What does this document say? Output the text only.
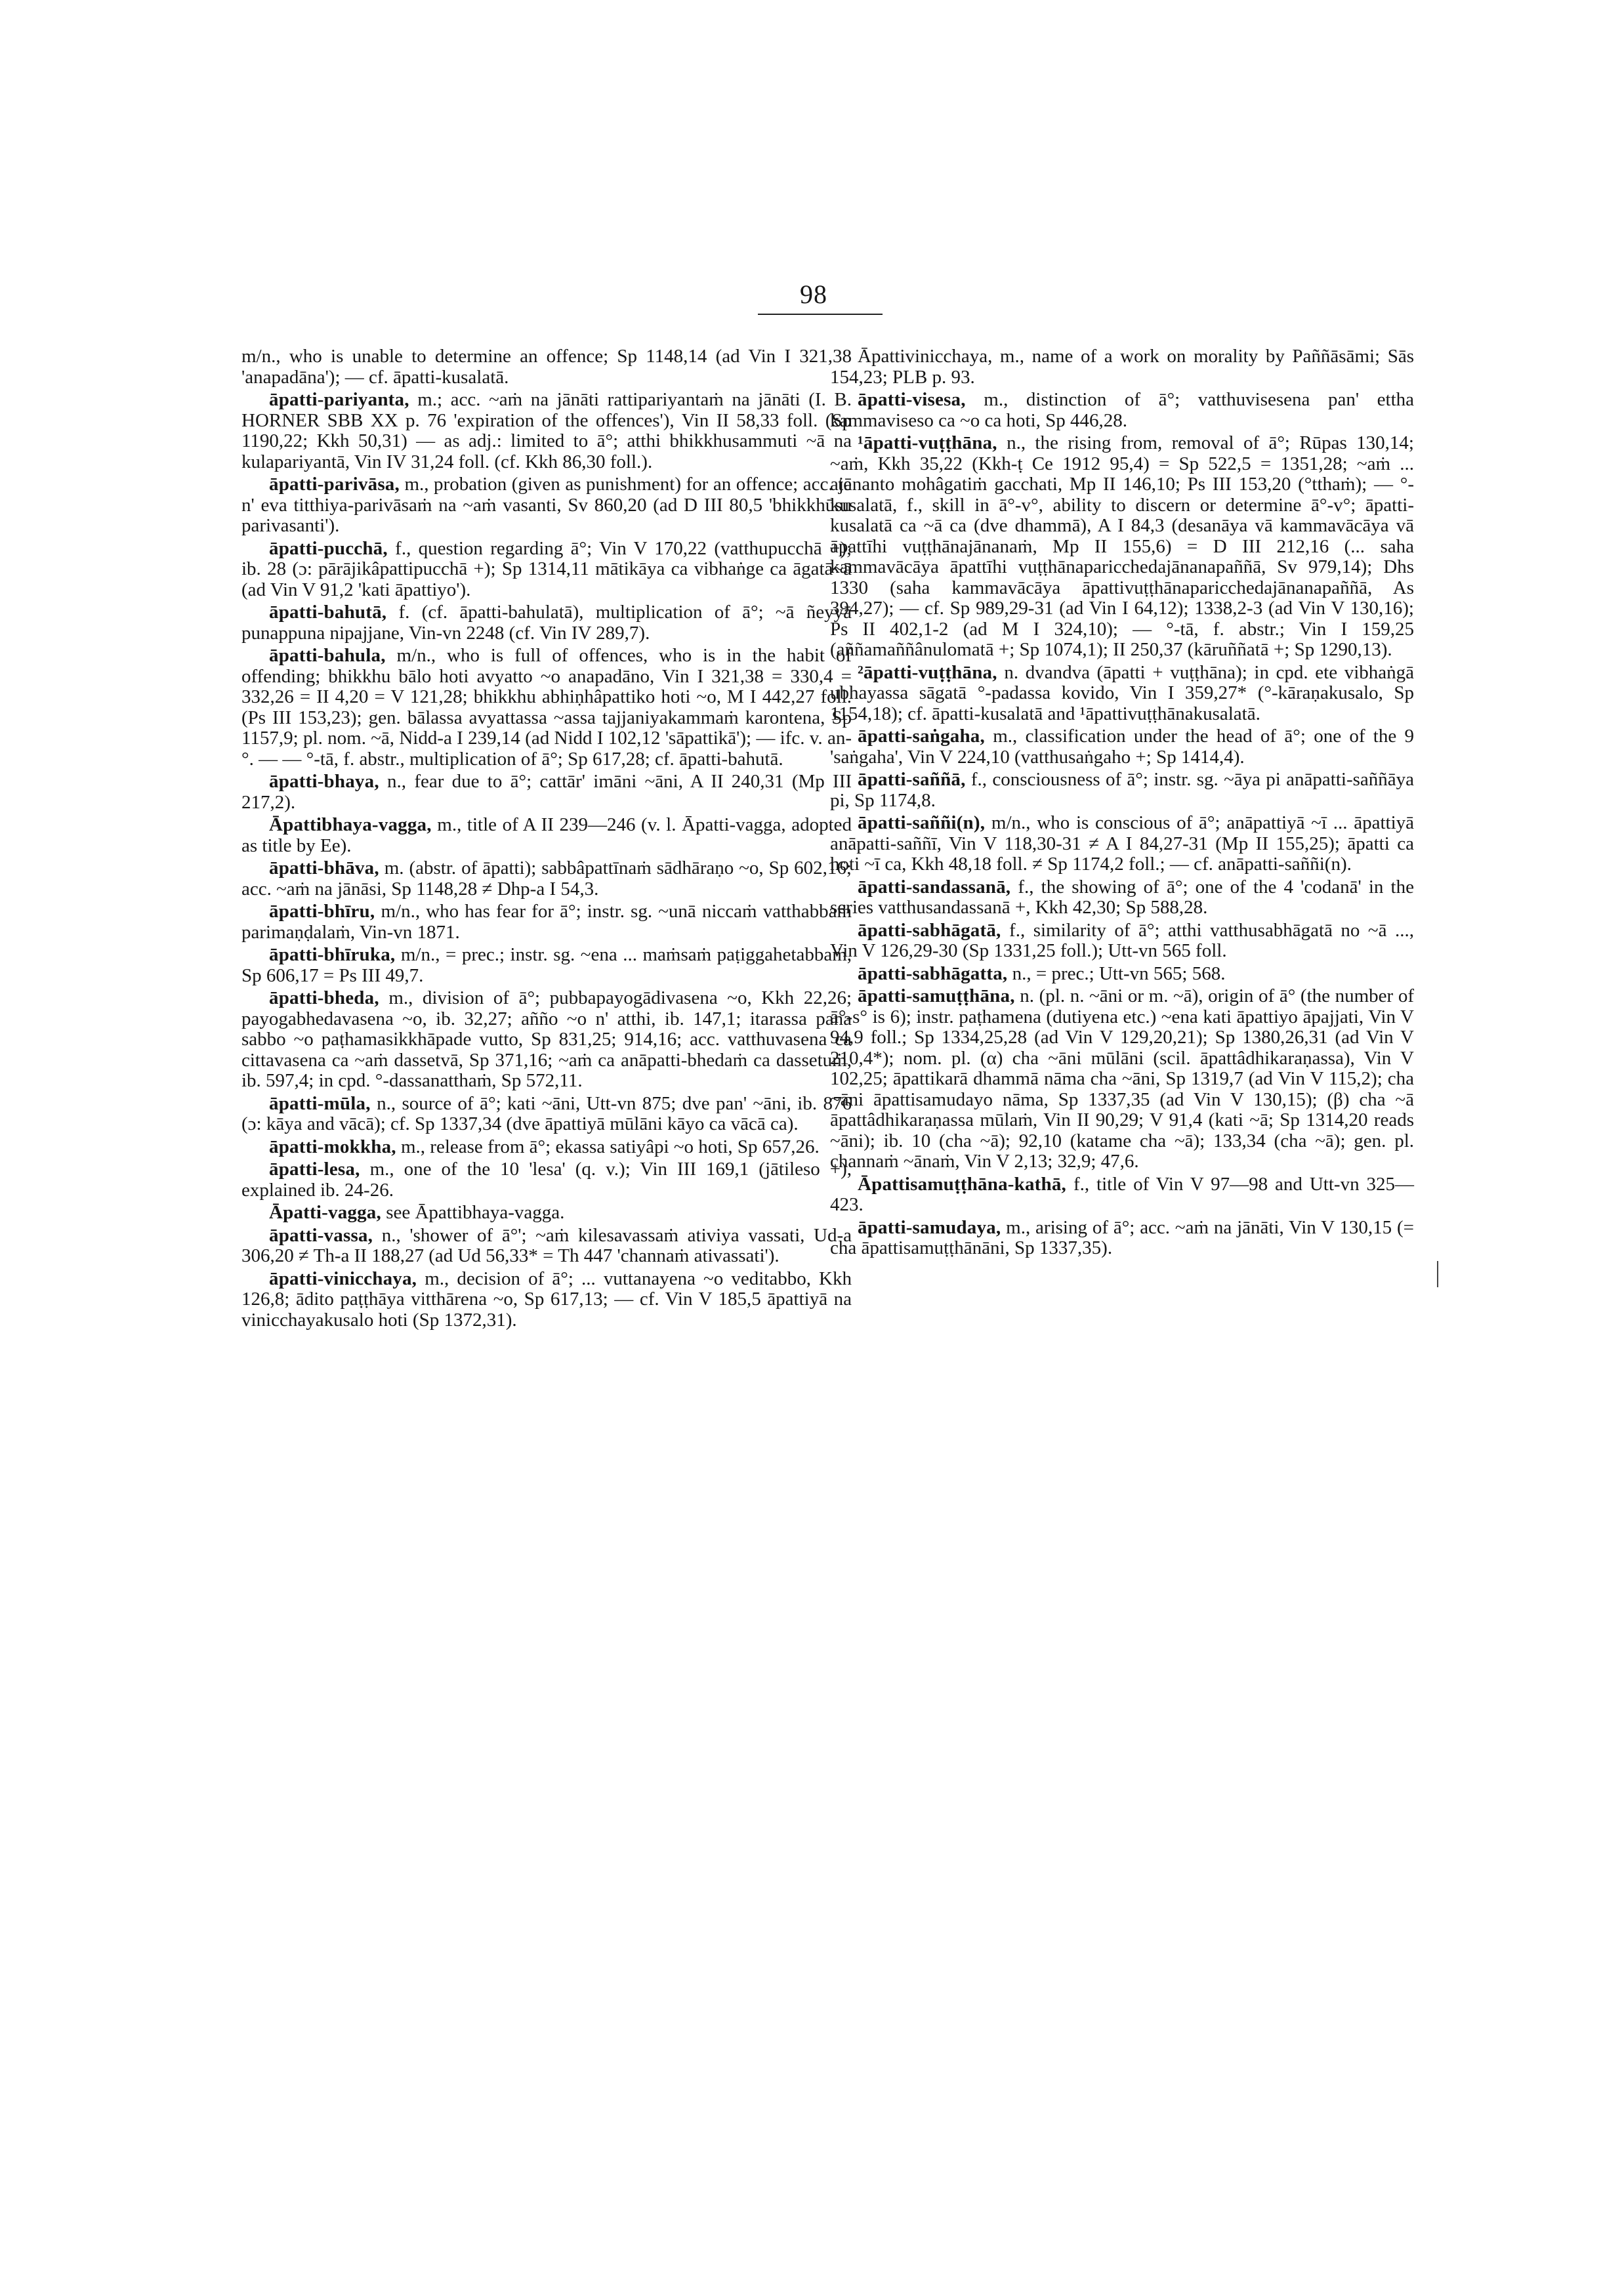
98
m/n., who is unable to determine an offence; Sp 1148,14 (ad Vin I 321,38 'anapadāna'); — cf. āpatti-kusalatā.
āpatti-pariyanta, m.; acc. ~aṁ na jānāti rattipariyantaṁ na jānāti (I. B. HORNER SBB XX p. 76 'expiration of the offences'), Vin II 58,33 foll. (Sp 1190,22; Kkh 50,31) — as adj.: limited to ā°; atthi bhikkhusammuti ~ā na kulapariyantā, Vin IV 31,24 foll. (cf. Kkh 86,30 foll.).
āpatti-parivāsa, m., probation (given as punishment) for an offence; acc. te n' eva titthiya-parivāsaṁ na ~aṁ vasanti, Sv 860,20 (ad D III 80,5 'bhikkhūsu parivasanti').
āpatti-pucchā, f., question regarding ā°; Vin V 170,22 (vatthupucchā +); ib. 28 (ɔ: pārājikâpattipucchā +); Sp 1314,11 mātikāya ca vibhaṅge ca āgatā~ā (ad Vin V 91,2 'kati āpattiyo').
āpatti-bahutā, f. (cf. āpatti-bahulatā), multiplication of ā°; ~ā ñeyyā punappuna nipajjane, Vin-vn 2248 (cf. Vin IV 289,7).
āpatti-bahula, m/n., who is full of offences, who is in the habit of offending; bhikkhu bālo hoti avyatto ~o anapadāno, Vin I 321,38 = 330,4 = 332,26 = II 4,20 = V 121,28; bhikkhu abhiṇhâpattiko hoti ~o, M I 442,27 foll. (Ps III 153,23); gen. bālassa avyattassa ~assa tajjaniyakammaṁ karontena, Sp 1157,9; pl. nom. ~ā, Nidd-a I 239,14 (ad Nidd I 102,12 'sāpattikā'); — ifc. v. an-°. — — °-tā, f. abstr., multiplication of ā°; Sp 617,28; cf. āpatti-bahutā.
āpatti-bhaya, n., fear due to ā°; cattār' imāni ~āni, A II 240,31 (Mp III 217,2).
Āpattibhaya-vagga, m., title of A II 239—246 (v. l. Āpatti-vagga, adopted as title by Ee).
āpatti-bhāva, m. (abstr. of āpatti); sabbâpattīnaṁ sādhāraṇo ~o, Sp 602,16; acc. ~aṁ na jānāsi, Sp 1148,28 ≠ Dhp-a I 54,3.
āpatti-bhīru, m/n., who has fear for ā°; instr. sg. ~unā niccaṁ vatthabbaṁ parimaṇḍalaṁ, Vin-vn 1871.
āpatti-bhīruka, m/n., = prec.; instr. sg. ~ena ... maṁsaṁ paṭiggahetabbaṁ, Sp 606,17 = Ps III 49,7.
āpatti-bheda, m., division of ā°; pubbapayogādivasena ~o, Kkh 22,26; payogabhedavasena ~o, ib. 32,27; añño ~o n' atthi, ib. 147,1; itarassa pana sabbo ~o paṭhamasikkhāpade vutto, Sp 831,25; 914,16; acc. vatthuvasena ca cittavasena ca ~aṁ dassetvā, Sp 371,16; ~aṁ ca anāpatti-bhedaṁ ca dassetuṁ, ib. 597,4; in cpd. °-dassanatthaṁ, Sp 572,11.
āpatti-mūla, n., source of ā°; kati ~āni, Utt-vn 875; dve pan' ~āni, ib. 876 (ɔ: kāya and vācā); cf. Sp 1337,34 (dve āpattiyā mūlāni kāyo ca vācā ca).
āpatti-mokkha, m., release from ā°; ekassa satiyâpi ~o hoti, Sp 657,26.
āpatti-lesa, m., one of the 10 'lesa' (q. v.); Vin III 169,1 (jātileso +), explained ib. 24-26.
Āpatti-vagga, see Āpattibhaya-vagga.
āpatti-vassa, n., 'shower of ā°'; ~aṁ kilesavassaṁ ativiya vassati, Ud-a 306,20 ≠ Th-a II 188,27 (ad Ud 56,33* = Th 447 'channaṁ ativassati').
āpatti-vinicchaya, m., decision of ā°; ... vuttanayena ~o veditabbo, Kkh 126,8; ādito paṭṭhāya vitthārena ~o, Sp 617,13; — cf. Vin V 185,5 āpattiyā na vinicchayakusalo hoti (Sp 1372,31).
Āpattivinicchaya, m., name of a work on morality by Paññāsāmi; Sās 154,23; PLB p. 93.
āpatti-visesa, m., distinction of ā°; vatthuvisesena pan' ettha kammaviseso ca ~o ca hoti, Sp 446,28.
¹āpatti-vuṭṭhāna, n., the rising from, removal of ā°; Rūpas 130,14; ~aṁ, Kkh 35,22 (Kkh-ṭ Ce 1912 95,4) = Sp 522,5 = 1351,28; ~aṁ ... ajānanto mohâgatiṁ gacchati, Mp II 146,10; Ps III 153,20 (°tthaṁ); — °-kusalatā, f., skill in ā°-v°, ability to discern or determine ā°-v°; āpatti-kusalatā ca ~ā ca (dve dhammā), A I 84,3 (desanāya vā kammavācāya vā āpattīhi vuṭṭhānajānanaṁ, Mp II 155,6) = D III 212,16 (... saha kammavācāya āpattīhi vuṭṭhānaparicchedajānanapaññā, Sv 979,14); Dhs 1330 (saha kammavācāya āpattivuṭṭhānaparicchedajānanapaññā, As 394,27); — cf. Sp 989,29-31 (ad Vin I 64,12); 1338,2-3 (ad Vin V 130,16); Ps II 402,1-2 (ad M I 324,10); — °-tā, f. abstr.; Vin I 159,25 (aññamaññânulomatā +; Sp 1074,1); II 250,37 (kāruññatā +; Sp 1290,13).
²āpatti-vuṭṭhāna, n. dvandva (āpatti + vuṭṭhāna); in cpd. ete vibhaṅgā ubhayassa sāgatā °-padassa kovido, Vin I 359,27* (°-kāraṇakusalo, Sp 1154,18); cf. āpatti-kusalatā and ¹āpattivuṭṭhānakusalatā.
āpatti-saṅgaha, m., classification under the head of ā°; one of the 9 'saṅgaha', Vin V 224,10 (vatthusaṅgaho +; Sp 1414,4).
āpatti-saññā, f., consciousness of ā°; instr. sg. ~āya pi anāpatti-saññāya pi, Sp 1174,8.
āpatti-saññi(n), m/n., who is conscious of ā°; anāpattiyā ~ī ... āpattiyā anāpatti-saññī, Vin V 118,30-31 ≠ A I 84,27-31 (Mp II 155,25); āpatti ca hoti ~ī ca, Kkh 48,18 foll. ≠ Sp 1174,2 foll.; — cf. anāpatti-saññi(n).
āpatti-sandassanā, f., the showing of ā°; one of the 4 'codanā' in the series vatthusandassanā +, Kkh 42,30; Sp 588,28.
āpatti-sabhāgatā, f., similarity of ā°; atthi vatthusabhāgatā no ~ā ..., Vin V 126,29-30 (Sp 1331,25 foll.); Utt-vn 565 foll.
āpatti-sabhāgatta, n., = prec.; Utt-vn 565; 568.
āpatti-samuṭṭhāna, n. (pl. n. ~āni or m. ~ā), origin of ā° (the number of ā°-s° is 6); instr. paṭhamena (dutiyena etc.) ~ena kati āpattiyo āpajjati, Vin V 94,9 foll.; Sp 1334,25,28 (ad Vin V 129,20,21); Sp 1380,26,31 (ad Vin V 210,4*); nom. pl. (α) cha ~āni mūlāni (scil. āpattâdhikaraṇassa), Vin V 102,25; āpattikarā dhammā nāma cha ~āni, Sp 1319,7 (ad Vin V 115,2); cha ~āni āpattisamudayo nāma, Sp 1337,35 (ad Vin V 130,15); (β) cha ~ā āpattâdhikaraṇassa mūlaṁ, Vin II 90,29; V 91,4 (kati ~ā; Sp 1314,20 reads ~āni); ib. 10 (cha ~ā); 92,10 (katame cha ~ā); 133,34 (cha ~ā); gen. pl. channaṁ ~ānaṁ, Vin V 2,13; 32,9; 47,6.
Āpattisamuṭṭhāna-kathā, f., title of Vin V 97—98 and Utt-vn 325—423.
āpatti-samudaya, m., arising of ā°; acc. ~aṁ na jānāti, Vin V 130,15 (= cha āpattisamuṭṭhānāni, Sp 1337,35).
